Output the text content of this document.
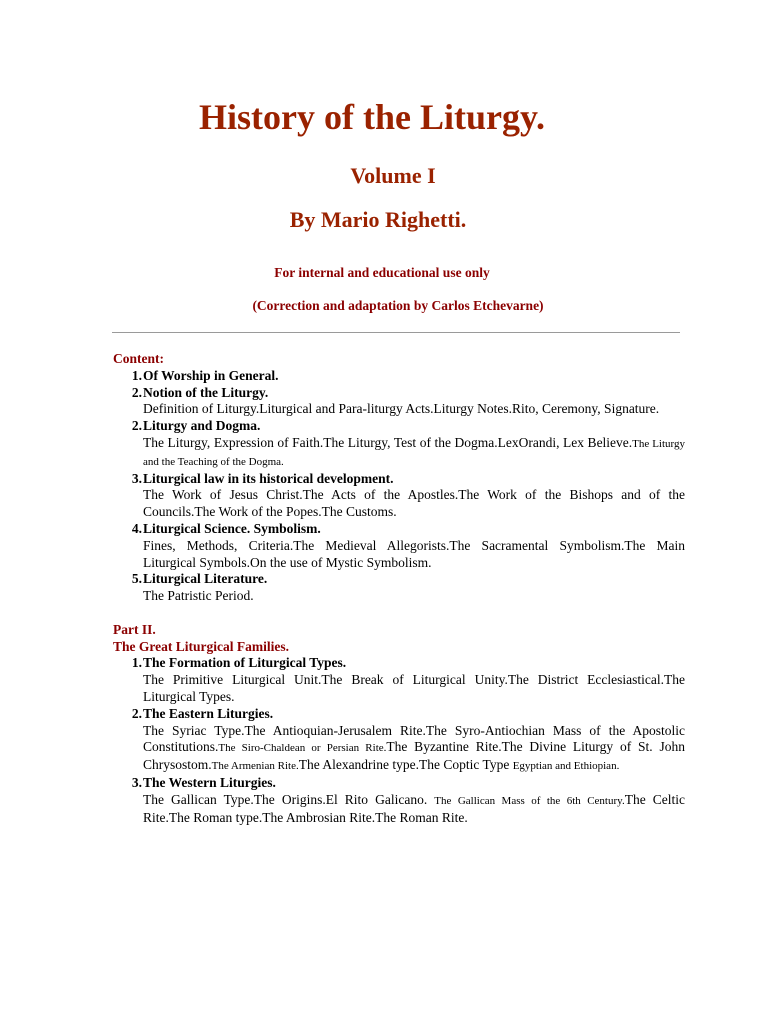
History of the Liturgy.
Volume I
By Mario Righetti.
For internal and educational use only
(Correction and adaptation by Carlos Etchevarne)
Content:
1. Of Worship in General.
2. Notion of the Liturgy.
Definition of Liturgy.Liturgical and Para-liturgy Acts.Liturgy Notes.Rito, Ceremony, Signature.
2. Liturgy and Dogma.
The Liturgy, Expression of Faith.The Liturgy, Test of the Dogma.LexOrandi, Lex Believe.The Liturgy and the Teaching of the Dogma.
3. Liturgical law in its historical development.
The Work of Jesus Christ.The Acts of the Apostles.The Work of the Bishops and of the Councils.The Work of the Popes.The Customs.
4. Liturgical Science. Symbolism.
Fines, Methods, Criteria.The Medieval Allegorists.The Sacramental Symbolism.The Main Liturgical Symbols.On the use of Mystic Symbolism.
5. Liturgical Literature.
The Patristic Period.
Part II.
The Great Liturgical Families.
1. The Formation of Liturgical Types.
The Primitive Liturgical Unit.The Break of Liturgical Unity.The District Ecclesiastical.The Liturgical Types.
2. The Eastern Liturgies.
The Syriac Type.The Antioquian-Jerusalem Rite.The Syro-Antiochian Mass of the Apostolic Constitutions.The Siro-Chaldean or Persian Rite.The Byzantine Rite.The Divine Liturgy of St. John Chrysostom.The Armenian Rite.The Alexandrine type.The Coptic Type Egyptian and Ethiopian.
3. The Western Liturgies.
The Gallican Type.The Origins.El Rito Galicano. The Gallican Mass of the 6th Century.The Celtic Rite.The Roman type.The Ambrosian Rite.The Roman Rite.
